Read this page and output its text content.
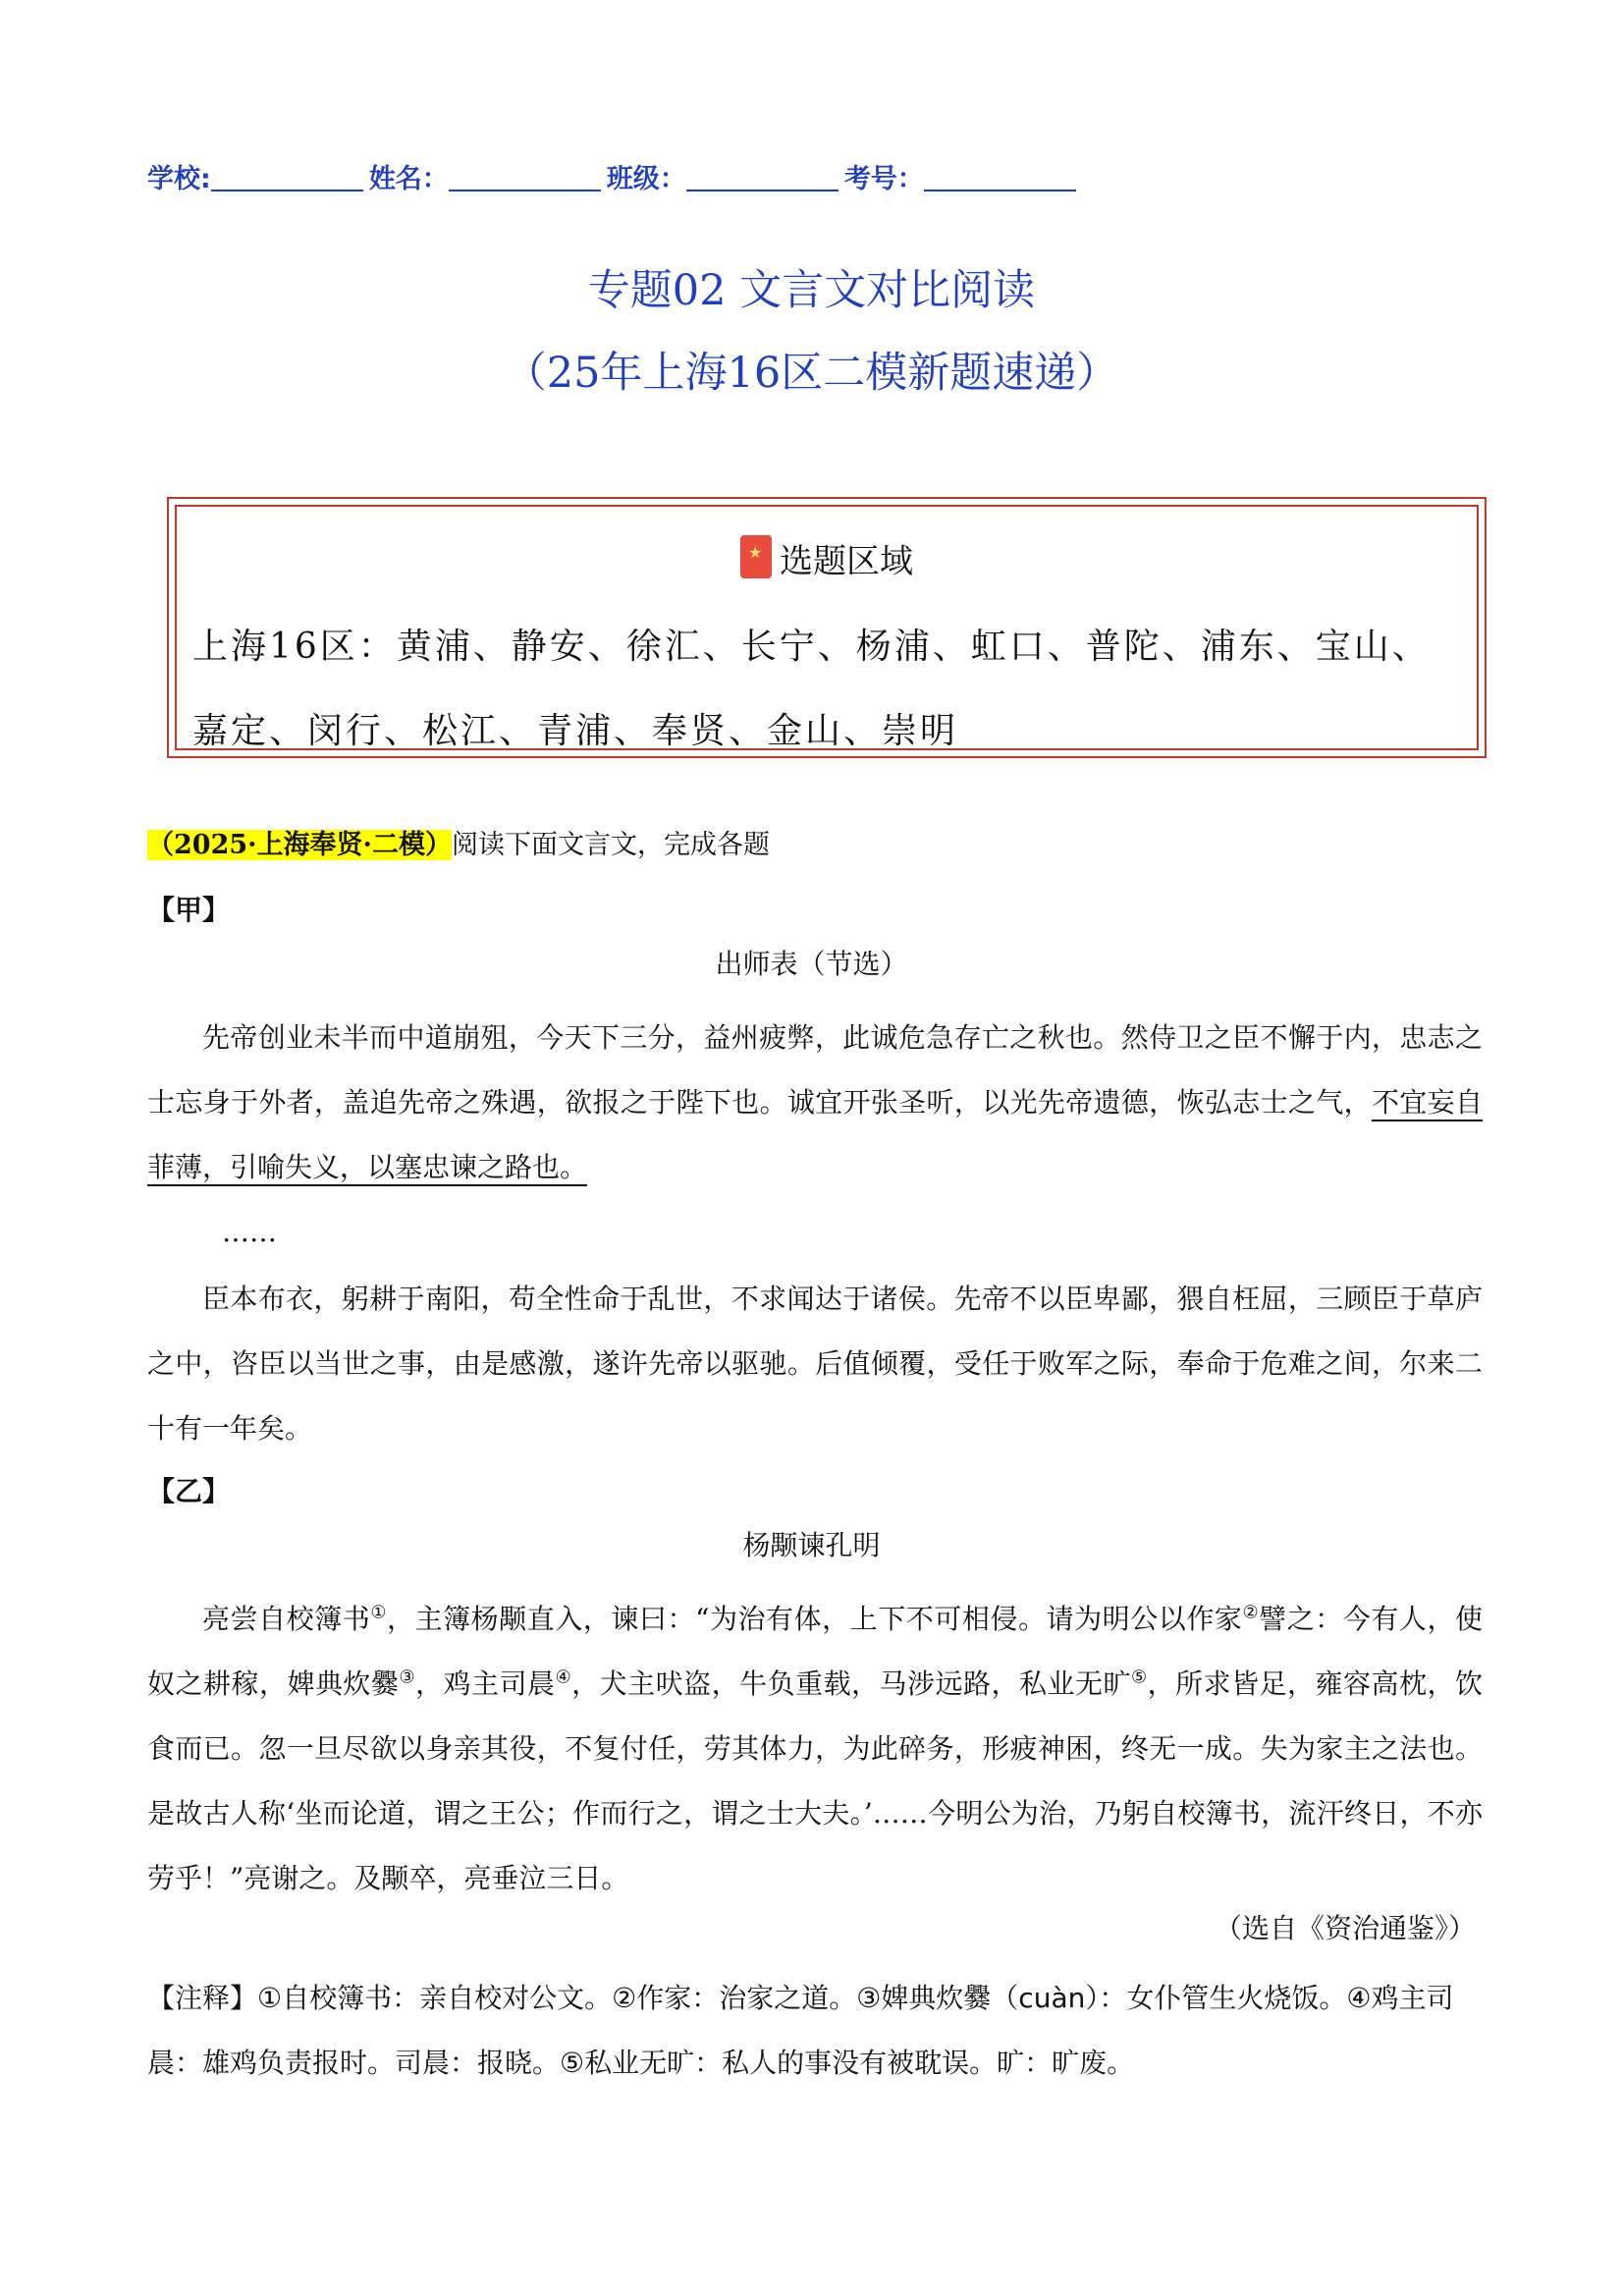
学校:	姓名：	班级：	考号：
专题02 文言文对比阅读
（25年上海16区二模新题速递）
★选题区域
上海16区：黄浦、静安、徐汇、长宁、杨浦、虹口、普陀、浦东、宝山、嘉定、闵行、松江、青浦、奉贤、金山、崇明
（2025·上海奉贤·二模）阅读下面文言文，完成各题
【甲】
出师表（节选）
先帝创业未半而中道崩殂，今天下三分，益州疲弊，此诚危急存亡之秋也。然侍卫之臣不懈于内，忠志之士忘身于外者，盖追先帝之殊遇，欲报之于陛下也。诚宜开张圣听，以光先帝遗德，恢弘志士之气，不宜妄自菲薄，引喻失义，以塞忠谏之路也。
……
臣本布衣，躬耕于南阳，苟全性命于乱世，不求闻达于诸侯。先帝不以臣卑鄙，猥自枉屈，三顾臣于草庐之中，咨臣以当世之事，由是感激，遂许先帝以驱驰。后值倾覆，受任于败军之际，奉命于危难之间，尔来二十有一年矣。
【乙】
杨颙谏孔明
亮尝自校簿书①，主簿杨颙直入，谏曰：“为治有体，上下不可相侵。请为明公以作家②譬之：今有人，使奴之耕稼，婢典炊爨③，鸡主司晨④，犬主吠盗，牛负重载，马涉远路，私业无旷⑤，所求皆足，雍容高枕，饮食而已。忽一旦尽欲以身亲其役，不复付任，劳其体力，为此碎务，形疲神困，终无一成。失为家主之法也。是故古人称‘坐而论道，谓之王公；作而行之，谓之士大夫。’……今明公为治，乃躬自校簿书，流汗终日，不亦劳乎！”亮谢之。及颙卒，亮垂泣三日。
（选自《资治通鉴》）
【注释】①自校簿书：亲自校对公文。②作家：治家之道。③婢典炊爨（cuàn）：女仆管生火烧饭。④鸡主司晨：雄鸡负责报时。司晨：报晓。⑤私业无旷：私人的事没有被耽误。旷：旷废。
